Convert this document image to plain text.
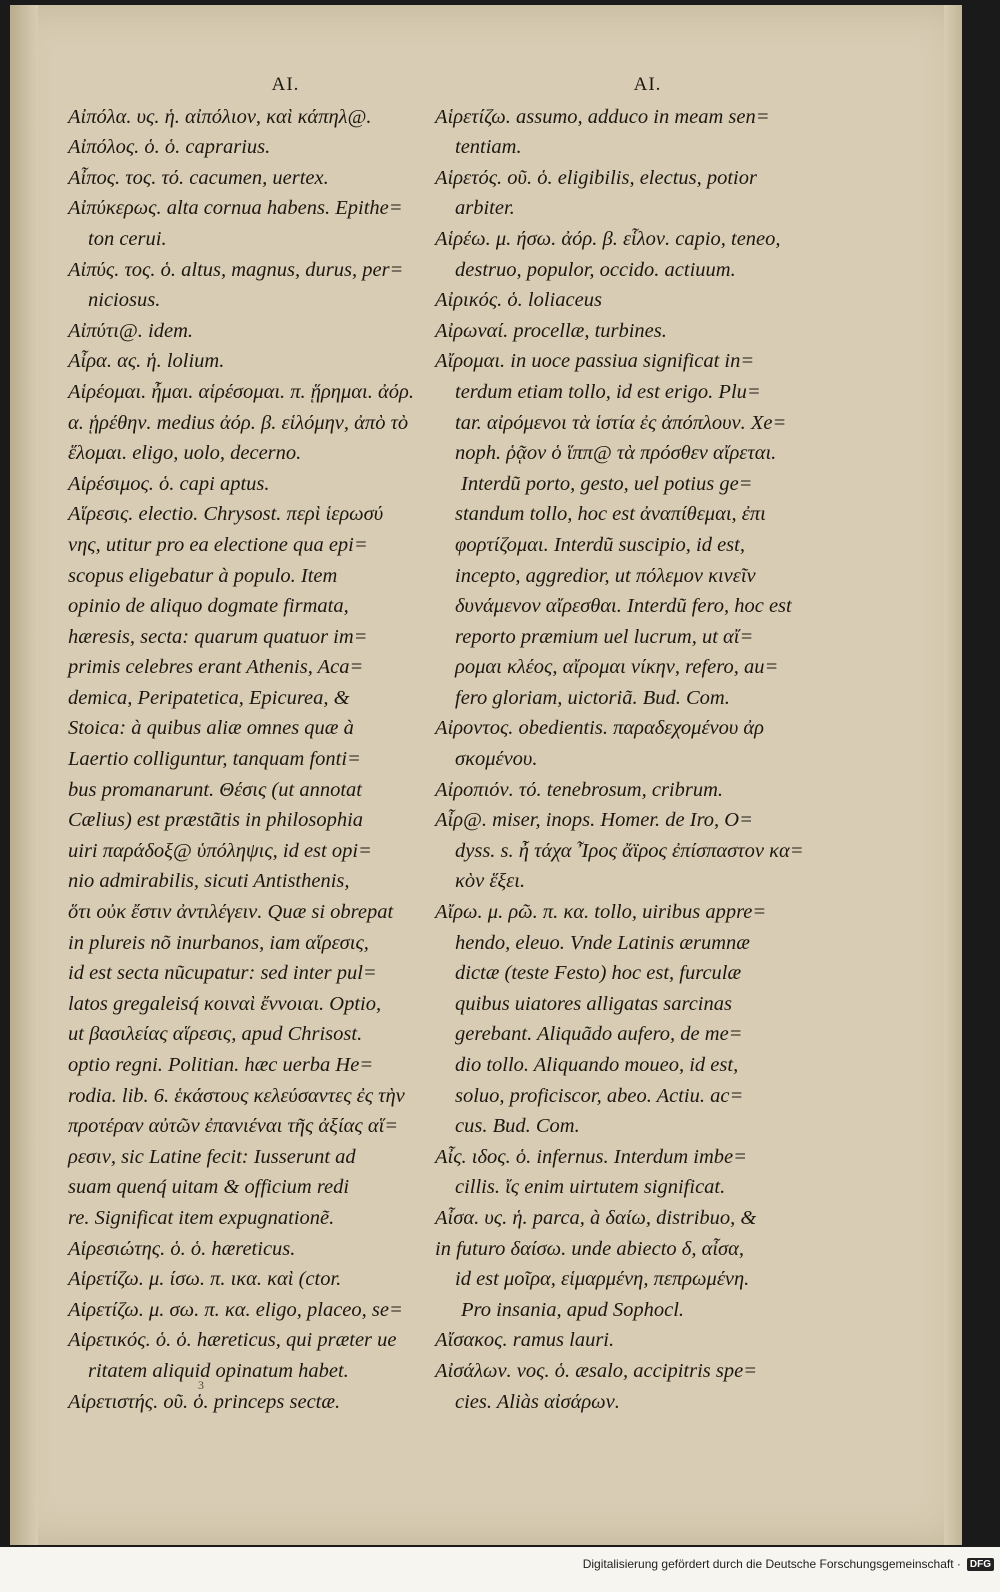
AI.
Αἰπόλα. υς. ἡ. αἰπόλιον, καὶ κάπηλ@.
Αἰπόλος. ὁ. ὁ. caprarius.
Αἶπος. τος. τό. cacumen, uertex.
Αἰπύκερως. alta cornua habens. Epithe=
ton cerui.
Αἰπύς. τος. ὁ. altus, magnus, durus, per=
niciosus.
Αἰπύτι@. idem.
Αἶρα. ας. ἡ. lolium.
Αἱρέομαι. ἦμαι. αἱρέσομαι. π. ᾕρημαι. ἀόρ.
α. ᾑρέθην. medius ἀόρ. β. εἱλόμην, ἀπὸ τὸ
ἕλομαι. eligo, uolo, decerno.
Αἱρέσιμος. ὁ. capi aptus.
Αἵρεσις. electio. Chrysost. περὶ ἱερωσύ
νης, utitur pro ea electione qua epi=
scopus eligebatur à populo. Item
opinio de aliquo dogmate firmata,
hæresis, secta: quarum quatuor im=
primis celebres erant Athenis, Aca=
demica, Peripatetica, Epicurea, &
Stoica: à quibus aliæ omnes quæ à
Laertio colliguntur, tanquam fonti=
bus promanarunt. Θέσις (ut annotat
Cælius) est præstãtis in philosophia
uiri παράδοξ@ ὑπόληψις, id est opi=
nio admirabilis, sicuti Antisthenis,
ὅτι οὐκ ἔστιν ἀντιλέγειν. Quæ si obrepat
in plureis nõ inurbanos, iam αἵρεσις,
id est secta nũcupatur: sed inter pul=
latos gregaleisq́ κοιναὶ ἔννοιαι. Optio,
ut βασιλείας αἵρεσις, apud Chrisost.
optio regni. Politian. hæc uerba He=
rodia. lib. 6. ἑκάστους κελεύσαντες ἐς τὴν
προτέραν αὐτῶν ἐπανιέναι τῆς ἀξίας αἵ=
ρεσιν, sic Latine fecit: Iusserunt ad
suam quenq́ uitam & officium redi
re. Significat item expugnationẽ.
Αἱρεσιώτης. ὁ. ὁ. hæreticus.
Αἱρετίζω. μ. ίσω. π. ικα. καὶ (ctor.
Αἱρετίζω. μ. σω. π. κα. eligo, placeo, se=
Αἱρετικός. ὁ. ὁ. hæreticus, qui præter ue
ritatem aliquid opinatum habet.
Αἱρετιστής. οῦ. ὁ. princeps sectæ.
AI.
Αἱρετίζω. assumo, adduco in meam sen=
tentiam.
Αἱρετός. οῦ. ὁ. eligibilis, electus, potior
arbiter.
Αἱρέω. μ. ήσω. ἀόρ. β. εἷλον. capio, teneo,
destruo, populor, occido. actiuum.
Αἰρικός. ὁ. loliaceus
Αἰρωναί. procellæ, turbines.
Αἴρομαι. in uoce passiua significat in=
terdum etiam tollo, id est erigo. Plu=
tar. αἰρόμενοι τὰ ἱστία ἐς ἀπόπλουν. Xe=
noph. ῥᾷον ὁ ἵππ@ τὰ πρόσθεν αἴρεται.
Interdũ porto, gesto, uel potius ge=
standum tollo, hoc est ἀναπίθεμαι, ἐπι
φορτίζομαι. Interdũ suscipio, id est,
incepto, aggredior, ut πόλεμον κινεῖν
δυνάμενον αἴρεσθαι. Interdũ fero, hoc est
reporto præmium uel lucrum, ut αἴ=
ρομαι κλέος, αἴρομαι νίκην, refero, au=
fero gloriam, uictoriã. Bud. Com.
Αἰροντος. obedientis. παραδεχομένου ἀρ
σκομένου.
Αἰροπιόν. τό. tenebrosum, cribrum.
Αἶρ@. miser, inops. Homer. de Iro, O=
dyss. s. ἦ τάχα Ἶρος ἄϊρος ἐπίσπαστον κα=
κὸν ἕξει.
Αἴρω. μ. ρῶ. π. κα. tollo, uiribus appre=
hendo, eleuo. Vnde Latinis ærumnæ
dictæ (teste Festo) hoc est, furculæ
quibus uiatores alligatas sarcinas
gerebant. Aliquãdo aufero, de me=
dio tollo. Aliquando moueo, id est,
soluo, proficiscor, abeo. Actiu. ac=
cus. Bud. Com.
Αἶς. ιδος. ὁ. infernus. Interdum imbe=
cillis. ἴς enim uirtutem significat.
Αἶσα. υς. ἡ. parca, à δαίω, distribuo, &
in futuro δαίσω. unde abiecto δ, αἶσα,
id est μοῖρα, εἱμαρμένη, πεπρωμένη.
Pro insania, apud Sophocl.
Αἴσακος. ramus lauri.
Αἰσάλων. νος. ὁ. æsalo, accipitris spe=
cies. Aliàs αἰσάρων.
3
Digitalisierung gefördert durch die Deutsche Forschungsgemeinschaft · DFG
